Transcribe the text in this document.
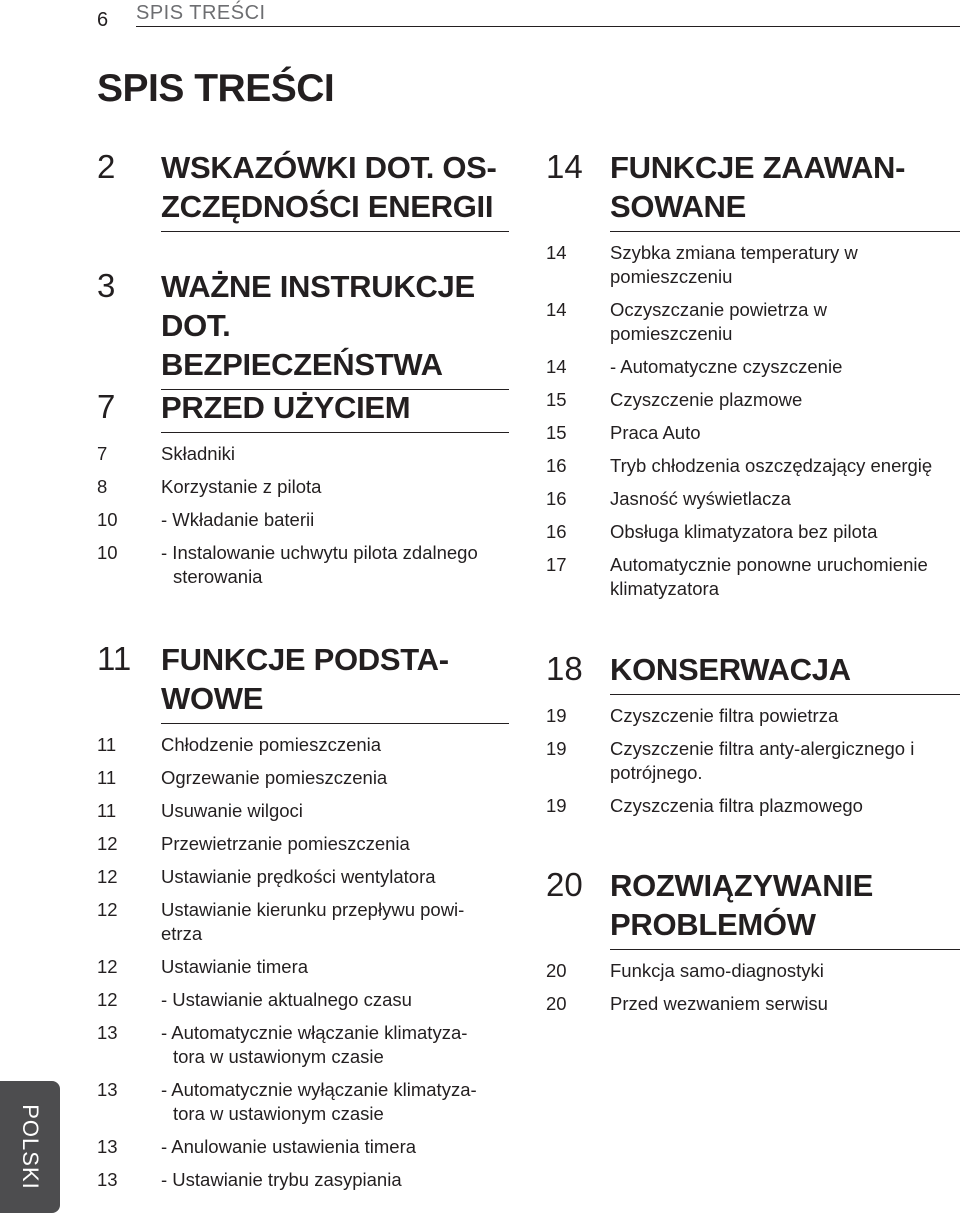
6 SPIS TREŚCI
SPIS TREŚCI
2 WSKAZÓWKI DOT. OS-
ZCZĘDNOŚCI ENERGII
3 WAŻNE INSTRUKCJE
DOT. BEZPIECZEŃSTWA
7 PRZED UŻYCIEM
7	Składniki
8	Korzystanie z pilota
10 - Wkładanie baterii
10 - Instalowanie uchwytu pilota zdalnego
sterowania
11 FUNKCJE PODSTA-
WOWE
11 Chłodzenie pomieszczenia
11 Ogrzewanie pomieszczenia
11 Usuwanie wilgoci
12 Przewietrzanie pomieszczenia
12 Ustawianie prędkości wentylatora
12 Ustawianie kierunku przepływu powi-
etrza
12 Ustawianie timera
12 - Ustawianie aktualnego czasu
13 - Automatycznie włączanie klimatyza-
tora w ustawionym czasie
13 - Automatycznie wyłączanie klimatyza-
tora w ustawionym czasie
13 - Anulowanie ustawienia timera
13 - Ustawianie trybu zasypiania
14 FUNKCJE ZAAWAN-
SOWANE
14 Szybka zmiana temperatury w
pomieszczeniu
14 Oczyszczanie powietrza w
pomieszczeniu
14 - Automatyczne czyszczenie
15 Czyszczenie plazmowe
15 Praca Auto
16 Tryb chłodzenia oszczędzający energię
16 Jasność wyświetlacza
16 Obsługa klimatyzatora bez pilota
17 Automatycznie ponowne uruchomienie
klimatyzatora
18 KONSERWACJA
19 Czyszczenie filtra powietrza
19 Czyszczenie filtra anty-alergicznego i
potrójnego.
19 Czyszczenia filtra plazmowego
20 ROZWIĄZYWANIE
PROBLEMÓW
20 Funkcja samo-diagnostyki
20 Przed wezwaniem serwisu
POLSKI
